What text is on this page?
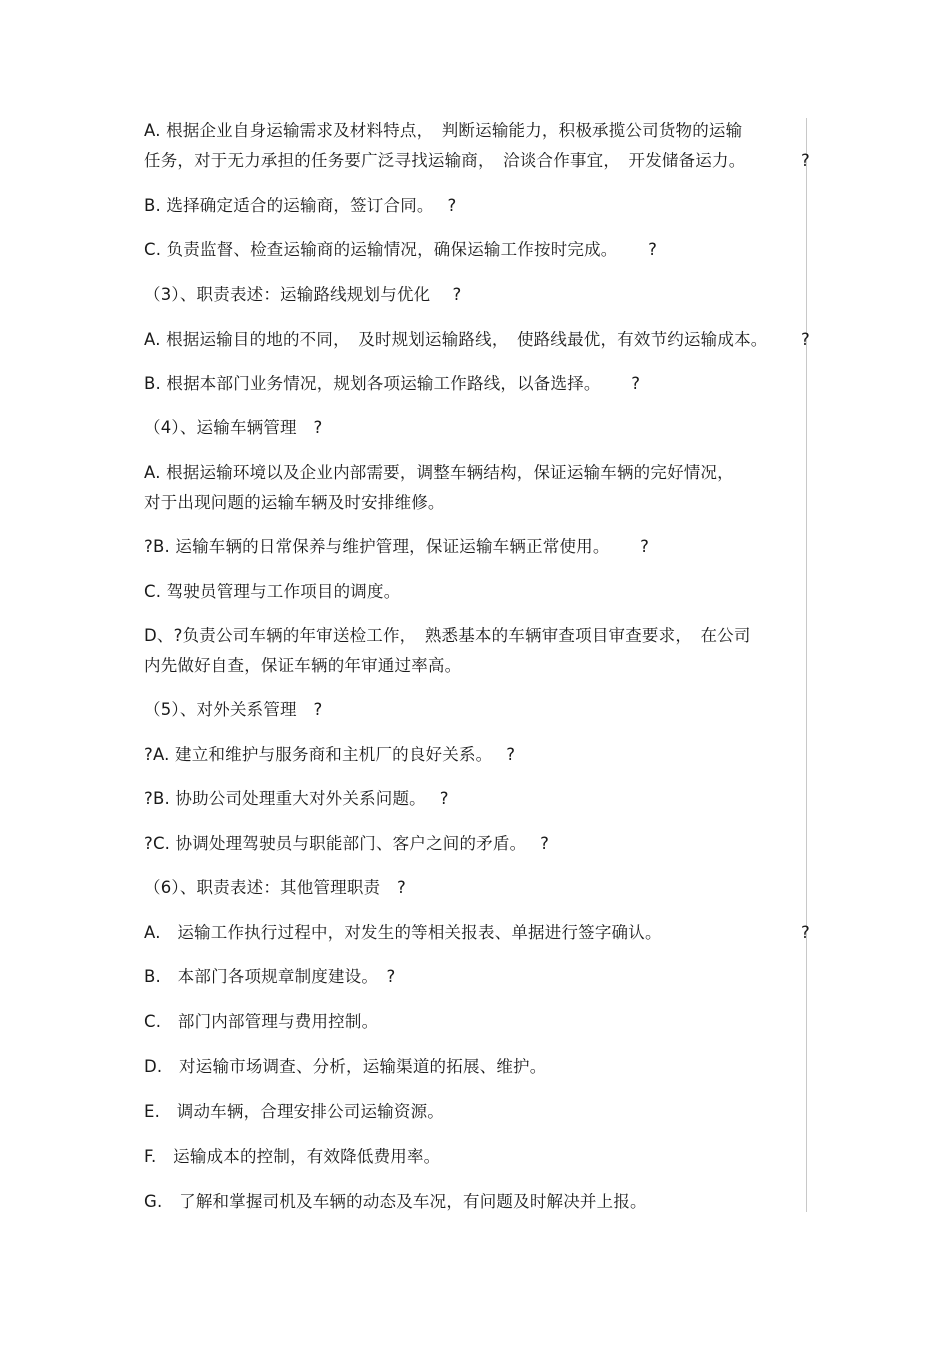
A. 根据企业自身运输需求及材料特点，　判断运输能力，积极承揽公司货物的运输
任务，对于无力承担的任务要广泛寻找运输商，　洽谈合作事宜，　开发储备运力。	?
B. 选择确定适合的运输商，签订合同。　 ?
C. 负责监督、检查运输商的运输情况，确保运输工作按时完成。　　 ?
（3）、职责表述：运输路线规划与优化　 ?
A. 根据运输目的地的不同，　及时规划运输路线，　使路线最优，有效节约运输成本。 ?
B. 根据本部门业务情况，规划各项运输工作路线，以备选择。　　 ?
（4）、运输车辆管理　?
A. 根据运输环境以及企业内部需要，调整车辆结构，保证运输车辆的完好情况，
对于出现问题的运输车辆及时安排维修。
?B. 运输车辆的日常保养与维护管理，保证运输车辆正常使用。　　 ?
C. 驾驶员管理与工作项目的调度。
D、?负责公司车辆的年审送检工作，　熟悉基本的车辆审查项目审查要求，　在公司
内先做好自查，保证车辆的年审通过率高。
（5）、对外关系管理　?
?A. 建立和维护与服务商和主机厂的良好关系。　 ?
?B. 协助公司处理重大对外关系问题。　 ?
?C. 协调处理驾驶员与职能部门、客户之间的矛盾。　 ?
（6）、职责表述：其他管理职责　?
A.　运输工作执行过程中，对发生的等相关报表、单据进行签字确认。	?
B.　本部门各项规章制度建设。　?
C.　部门内部管理与费用控制。
D.　对运输市场调查、分析，运输渠道的拓展、维护。
E.　调动车辆，合理安排公司运输资源。
F.　运输成本的控制，有效降低费用率。
G.　了解和掌握司机及车辆的动态及车况，有问题及时解决并上报。
